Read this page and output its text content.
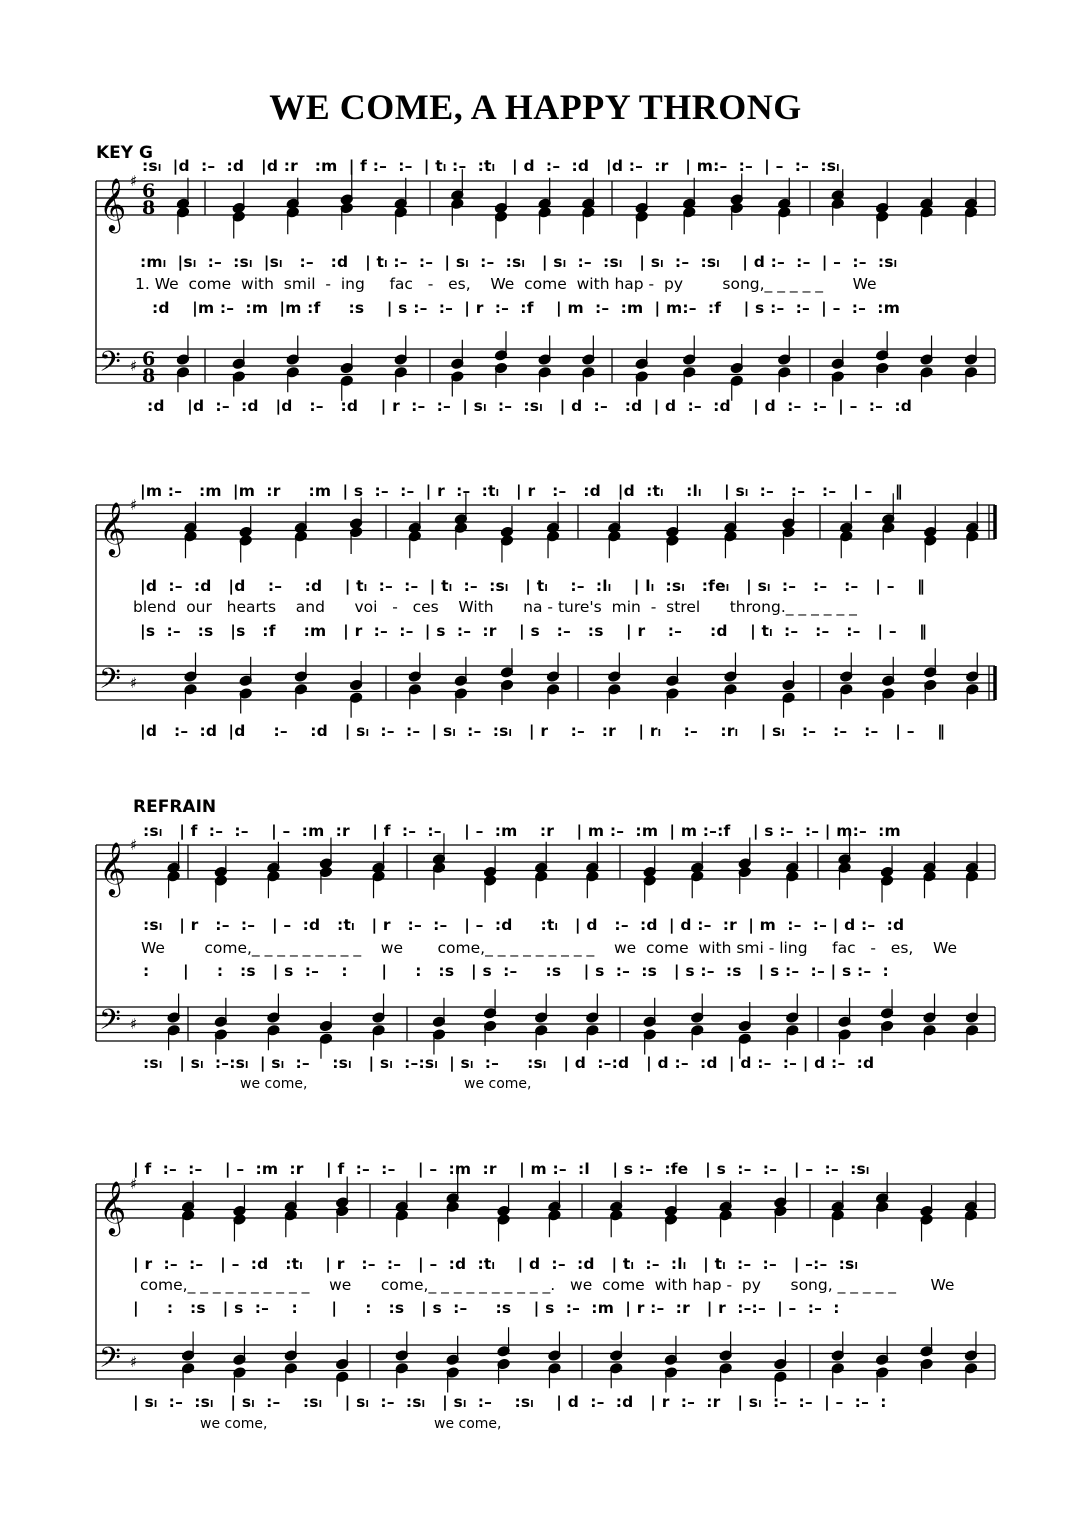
WE COME, A HAPPY THRONG
KEY G
REFRAIN
:sₗ  |d  :–  :d   |d :r   :m  | f :–  :–  | tₗ :–  :tₗ   | d  :–  :d   |d :–  :r   | m:–  :–  | –  :–  :sₗ
:mₗ  |sₗ  :–  :sₗ  |sₗ   :–   :d   | tₗ :–  :–  | sₗ  :–  :sₗ   | sₗ  :–  :sₗ   | sₗ  :–  :sₗ    | d :–  :–  | –  :–  :sₗ
1. We  come  with  smil  -  ing     fac   -   es,    We  come  with hap -  py        song,_ _ _ _ _      We
:d    |m :–  :m  |m :f     :s    | s :–  :–  | r  :–  :f    | m  :–  :m  | m:–  :f    | s :–  :–  | –  :–  :m
:d    |d  :–  :d   |d   :–   :d    | r  :–  :–  | sₗ  :–  :sₗ   | d  :–   :d  | d  :–  :d    | d  :–  :–  | –  :–  :d
𝄞
𝄢
♯
♯
6
8
6
8
|m :–   :m  |m  :r     :m  | s  :–  :–  | r  :–  :tₗ   | r   :–   :d   |d  :tₗ    :lₗ    | sₗ  :–   :–   :–   | –    ‖
|d  :–  :d   |d    :–    :d    | tₗ  :–  :–  | tₗ  :–  :sₗ   | tₗ    :–  :lₗ    | lₗ  :sₗ   :feₗ   | sₗ  :–   :–   :–   | –    ‖
blend  our   hearts    and      voi   -   ces    With      na - ture's  min  -  strel      throng._ _ _ _ _ _
|s  :–   :s   |s   :f     :m   | r  :–  :–  | s  :–  :r    | s   :–   :s    | r    :–     :d    | tₗ  :–   :–   :–   | –    ‖
|d   :–  :d  |d     :–    :d   | sₗ  :–  :–  | sₗ  :–  :sₗ   | r    :–   :r    | rₗ    :–    :rₗ    | sₗ   :–   :–   :–   | –    ‖
𝄞
𝄢
♯
♯
:sₗ   | f  :–  :–    | –  :m  :r    | f  :–  :–    | –  :m    :r    | m :–  :m  | m :–:f    | s :–  :– | m:–  :m
:sₗ   | r   :–  :–   | –  :d   :tₗ   | r   :–  :–   | –  :d     :tₗ   | d   :–  :d  | d :–  :r  | m  :–  :– | d :–  :d
We        come,_ _ _ _ _ _ _ _ _    we       come,_ _ _ _ _ _ _ _ _    we  come  with smi - ling     fac   -   es,    We
:      |     :   :s   | s  :–    :      |     :   :s   | s  :–     :s    | s  :–  :s   | s :–  :s   | s :–  :– | s :–  :
:sₗ   | sₗ  :–:sₗ  | sₗ  :–    :sₗ   | sₗ  :–:sₗ  | sₗ  :–     :sₗ   | d  :–:d   | d :–  :d  | d :–  :– | d :–  :d
we come,	we come,
𝄞
𝄢
♯
♯
| f  :–  :–    | –  :m  :r    | f  :–  :–    | –  :m  :r    | m :–  :l    | s :–  :fe   | s  :–  :–   | –  :–  :sₗ
| r  :–  :–   | –  :d   :tₗ    | r   :–  :–   | –  :d  :tₗ    | d  :–  :d   | tₗ  :–  :lₗ   | tₗ  :–  :–   | –:–  :sₗ
come,_ _ _ _ _ _ _ _ _ _    we      come,_ _ _ _ _ _ _ _ _ _.   we  come  with hap -  py      song, _ _ _ _ _       We
|     :   :s   | s  :–    :      |     :   :s   | s  :–     :s    | s  :–  :m  | r :–  :r   | r  :–:–  | –  :–  :
| sₗ  :–  :sₗ   | sₗ  :–    :sₗ    | sₗ  :–  :sₗ   | sₗ  :–    :sₗ    | d  :–  :d   | r  :–  :r   | sₗ  :–  :–  | –  :–  :
we come,	we come,
𝄞
𝄢
♯
♯
